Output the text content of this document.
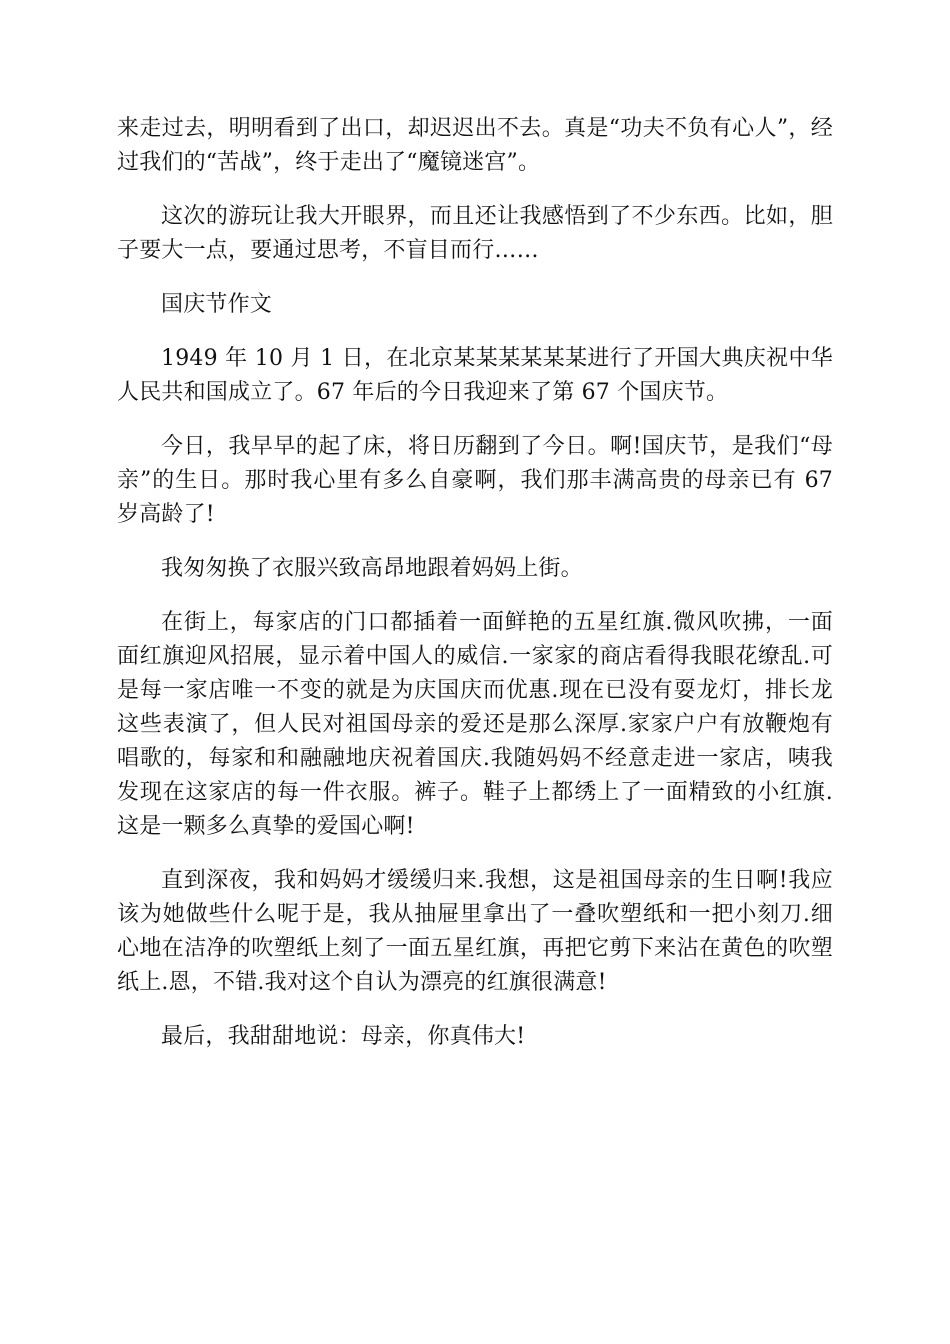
来走过去，明明看到了出口，却迟迟出不去。真是“功夫不负有心人”，经过我们的“苦战”，终于走出了“魔镜迷宫”。

这次的游玩让我大开眼界，而且还让我感悟到了不少东西。比如，胆子要大一点，要通过思考，不盲目而行……

国庆节作文

1949 年 10 月 1 日，在北京某某某某某某进行了开国大典庆祝中华人民共和国成立了。67 年后的今日我迎来了第 67 个国庆节。

今日，我早早的起了床，将日历翻到了今日。啊!国庆节，是我们“母亲”的生日。那时我心里有多么自豪啊，我们那丰满高贵的母亲已有 67 岁高龄了!

我匆匆换了衣服兴致高昂地跟着妈妈上街。

在街上，每家店的门口都插着一面鲜艳的五星红旗.微风吹拂，一面面红旗迎风招展，显示着中国人的威信.一家家的商店看得我眼花缭乱.可是每一家店唯一不变的就是为庆国庆而优惠.现在已没有耍龙灯，排长龙这些表演了，但人民对祖国母亲的爱还是那么深厚.家家户户有放鞭炮有唱歌的，每家和和融融地庆祝着国庆.我随妈妈不经意走进一家店，咦我发现在这家店的每一件衣服。裤子。鞋子上都绣上了一面精致的小红旗.这是一颗多么真挚的爱国心啊!

直到深夜，我和妈妈才缓缓归来.我想，这是祖国母亲的生日啊!我应该为她做些什么呢于是，我从抽屉里拿出了一叠吹塑纸和一把小刻刀.细心地在洁净的吹塑纸上刻了一面五星红旗，再把它剪下来沾在黄色的吹塑纸上.恩，不错.我对这个自认为漂亮的红旗很满意!

最后，我甜甜地说：母亲，你真伟大!
